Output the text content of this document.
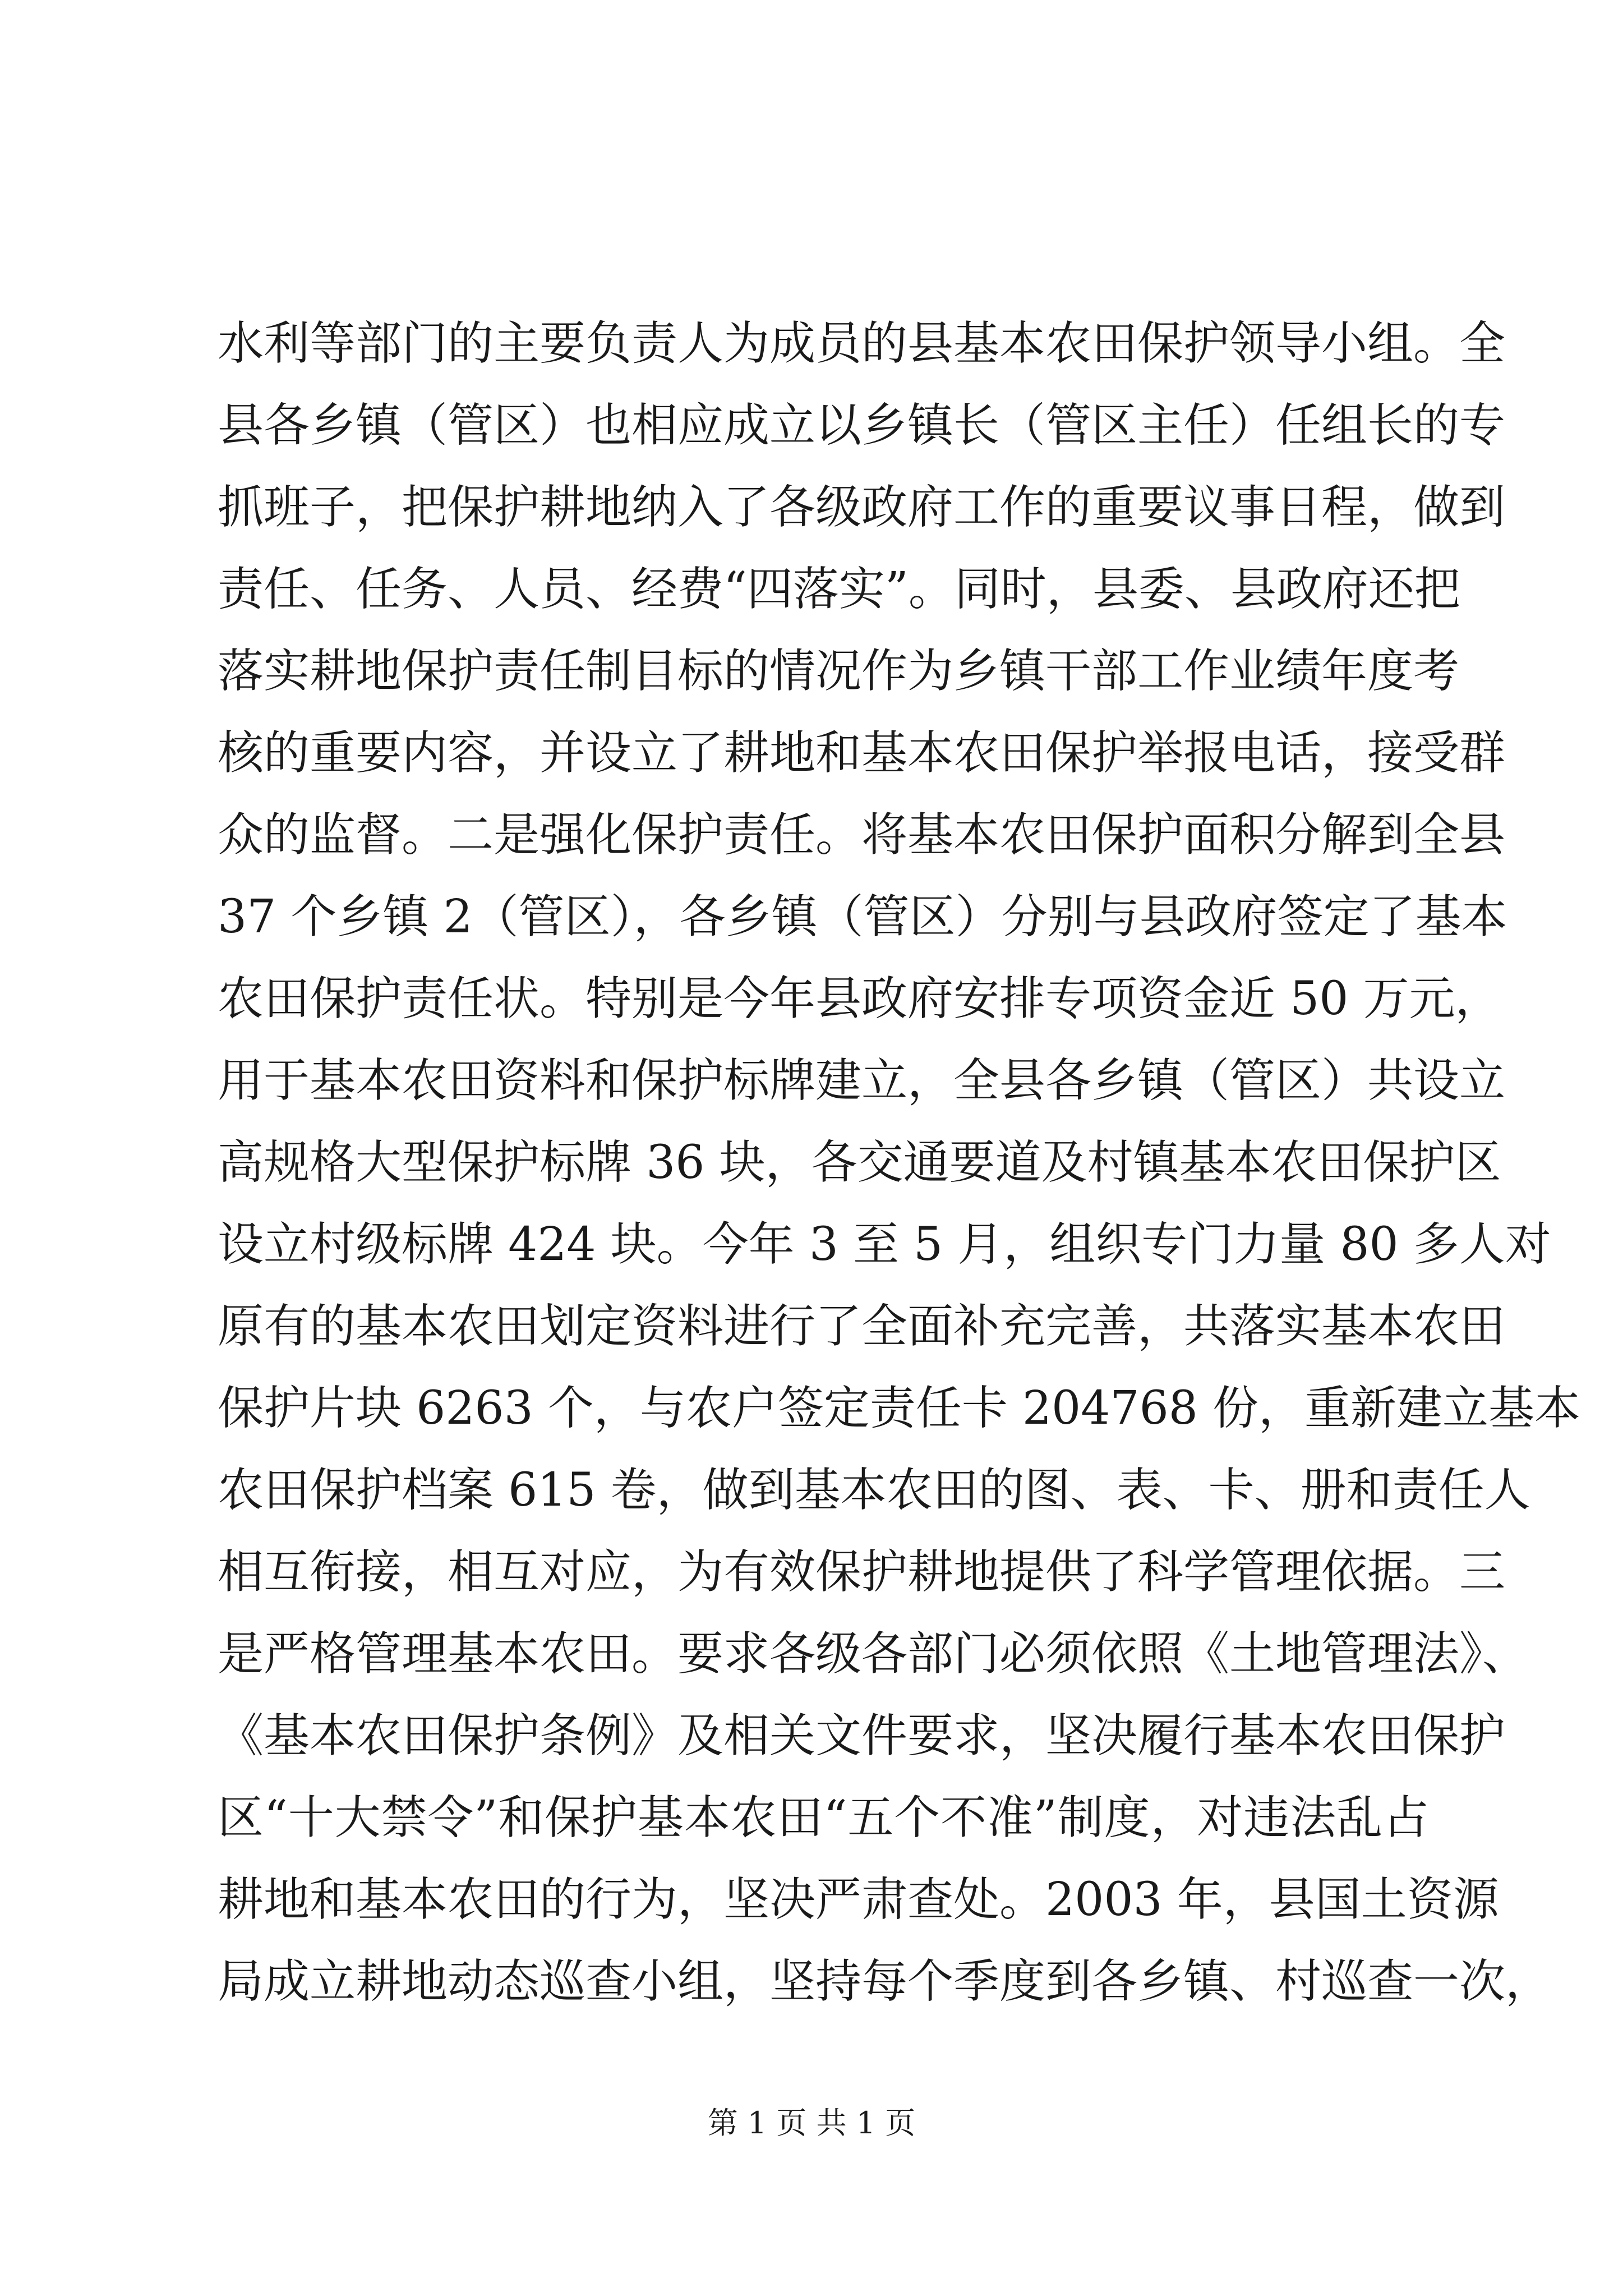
水利等部门的主要负责人为成员的县基本农田保护领导小组。全
县各乡镇（管区）也相应成立以乡镇长（管区主任）任组长的专
抓班子，把保护耕地纳入了各级政府工作的重要议事日程，做到
责任、任务、人员、经费“四落实”。同时，县委、县政府还把
落实耕地保护责任制目标的情况作为乡镇干部工作业绩年度考
核的重要内容，并设立了耕地和基本农田保护举报电话，接受群
众的监督。二是强化保护责任。将基本农田保护面积分解到全县
37 个乡镇 2（管区），各乡镇（管区）分别与县政府签定了基本
农田保护责任状。特别是今年县政府安排专项资金近 50 万元，
用于基本农田资料和保护标牌建立，全县各乡镇（管区）共设立
高规格大型保护标牌 36 块，各交通要道及村镇基本农田保护区
设立村级标牌 424 块。今年 3 至 5 月，组织专门力量 80 多人对
原有的基本农田划定资料进行了全面补充完善，共落实基本农田
保护片块 6263 个，与农户签定责任卡 204768 份，重新建立基本
农田保护档案 615 卷，做到基本农田的图、表、卡、册和责任人
相互衔接，相互对应，为有效保护耕地提供了科学管理依据。三
是严格管理基本农田。要求各级各部门必须依照《土地管理法》、
《基本农田保护条例》及相关文件要求，坚决履行基本农田保护
区“十大禁令”和保护基本农田“五个不准”制度，对违法乱占
耕地和基本农田的行为，坚决严肃查处。2003 年，县国土资源
局成立耕地动态巡查小组，坚持每个季度到各乡镇、村巡查一次，
第 1 页 共 1 页
